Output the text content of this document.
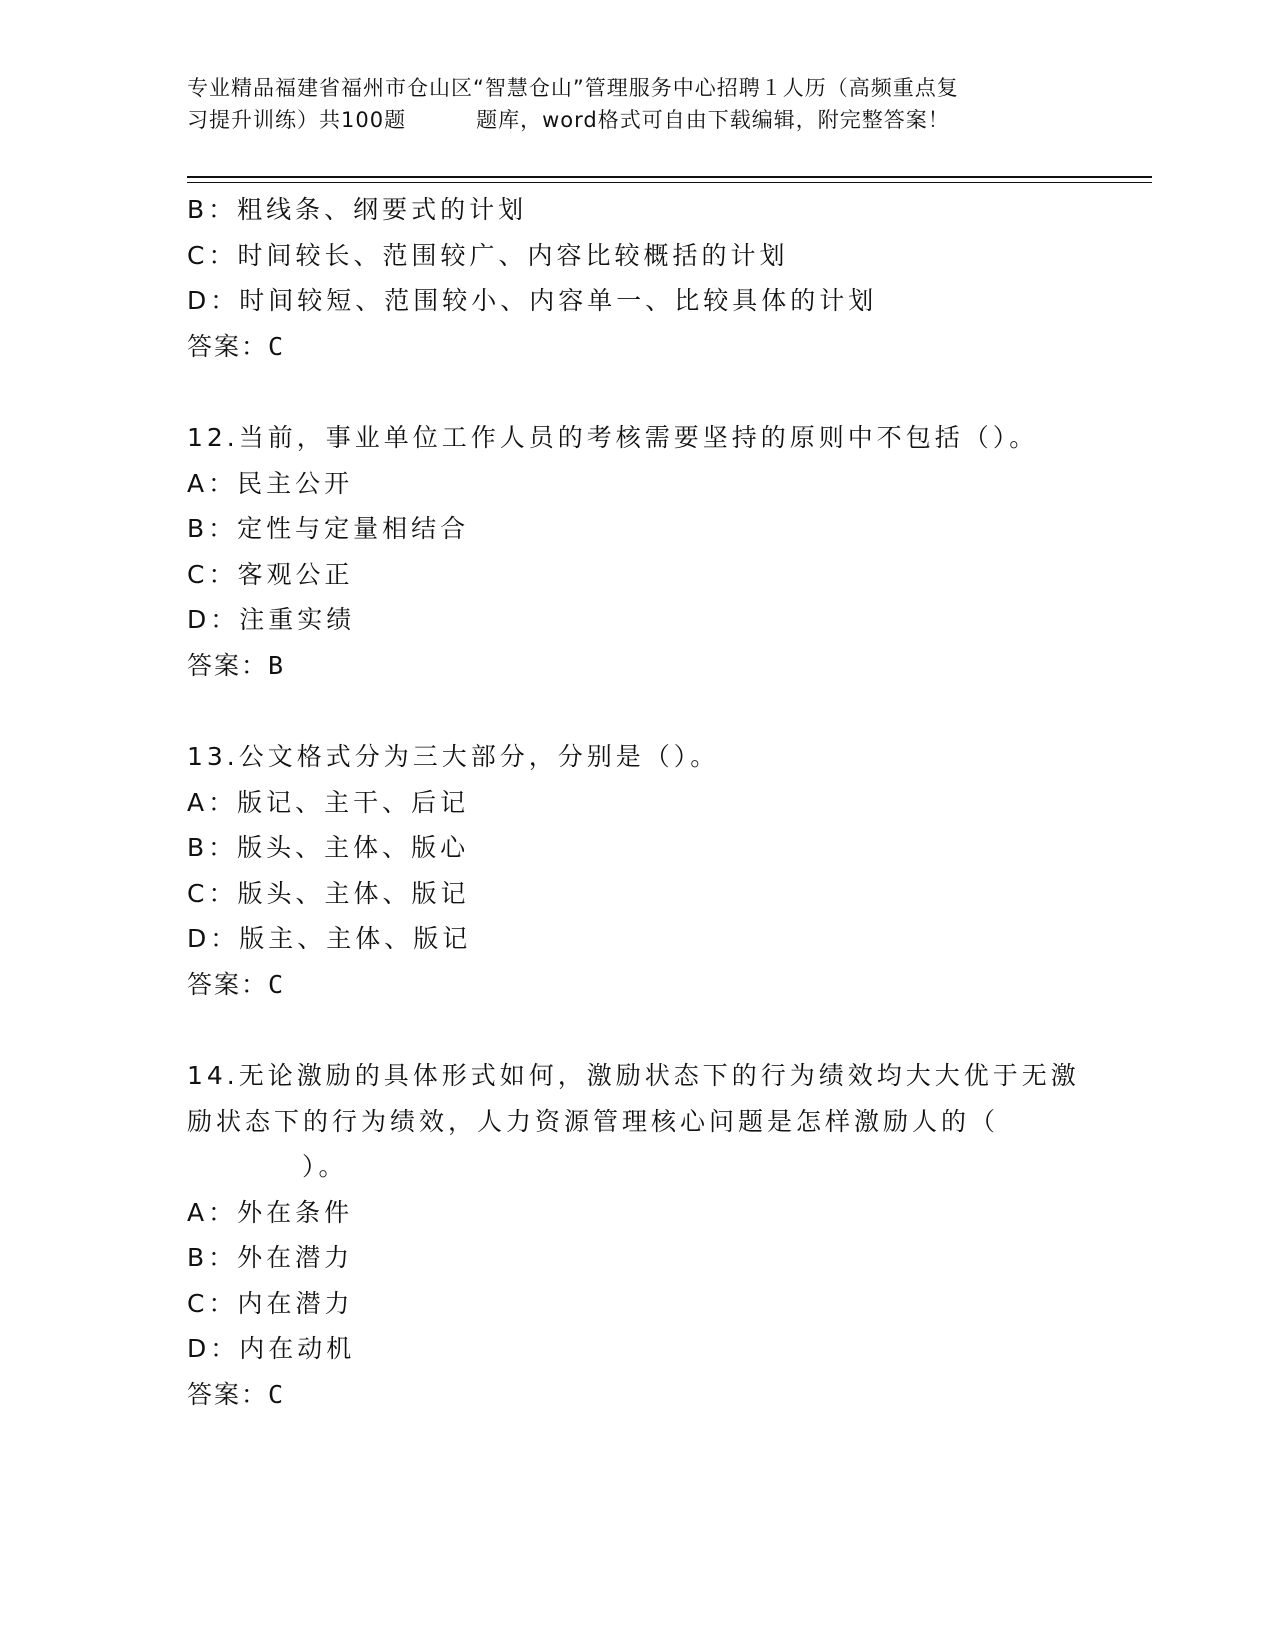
专业精品福建省福州市仓山区“智慧仓山”管理服务中心招聘１人历（高频重点复
习提升训练）共100题	题库，word格式可自由下载编辑，附完整答案！
B：粗线条、纲要式的计划
C：时间较长、范围较广、内容比较概括的计划
D：时间较短、范围较小、内容单一、比较具体的计划
答案：C
12.当前，事业单位工作人员的考核需要坚持的原则中不包括（）。
A：民主公开
B：定性与定量相结合
C：客观公正
D：注重实绩
答案：B
13.公文格式分为三大部分，分别是（）。
A：版记、主干、后记
B：版头、主体、版心
C：版头、主体、版记
D：版主、主体、版记
答案：C
14.无论激励的具体形式如何，激励状态下的行为绩效均大大优于无激
励状态下的行为绩效，人力资源管理核心问题是怎样激励人的（
）。
A：外在条件
B：外在潜力
C：内在潜力
D：内在动机
答案：C
